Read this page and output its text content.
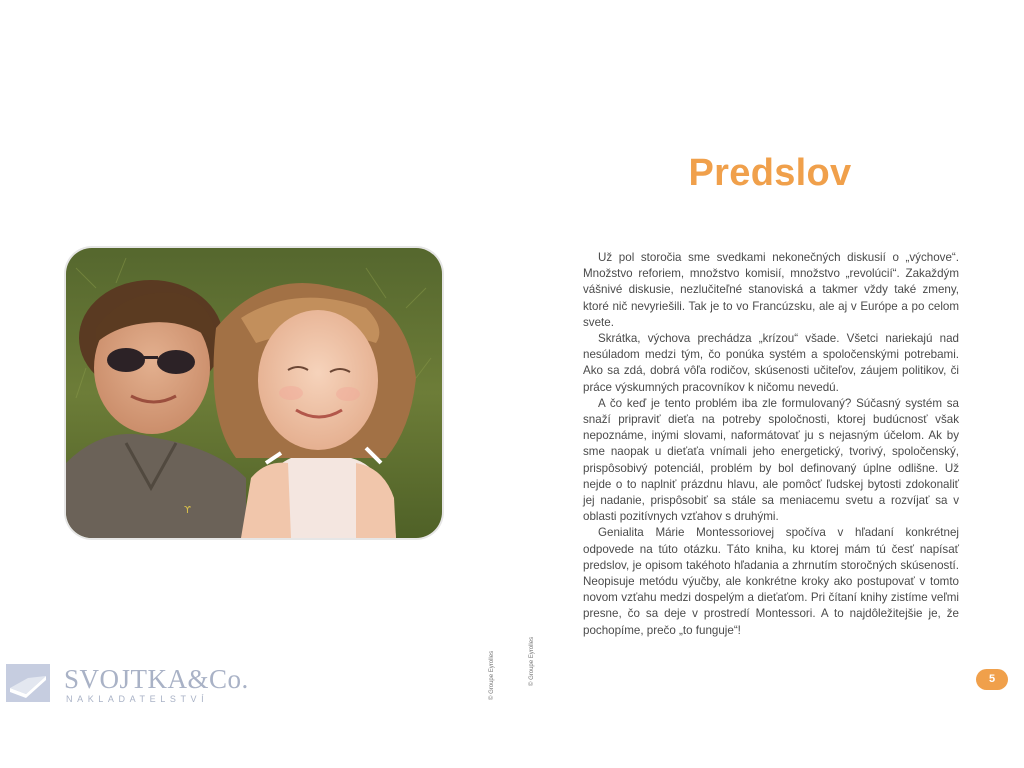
ϒ
© Groupe Eyrolles
SVOJTKA&Co.
NAKLADATELSTVÍ
© Groupe Eyrolles
Predslov

Už pol storočia sme svedkami nekonečných diskusií o „výchove“. Množstvo reforiem, množstvo komisií, množstvo „revolúcií“. Zakaždým vášnivé diskusie, nezlučiteľné stanoviská a takmer vždy také zmeny, ktoré nič nevyriešili. Tak je to vo Francúzsku, ale aj v Európe a po celom svete.

Skrátka, výchova prechádza „krízou“ všade. Všetci nariekajú nad nesúladom medzi tým, čo ponúka systém a spoločenskými potrebami. Ako sa zdá, dobrá vôľa rodičov, skúsenosti učiteľov, záujem politikov, či práce výskumných pracovníkov k ničomu nevedú.

A čo keď je tento problém iba zle formulovaný? Súčasný systém sa snaží pripraviť dieťa na potreby spoločnosti, ktorej budúcnosť však nepoznáme, inými slovami, naformátovať ju s nejasným účelom. Ak by sme naopak u dieťaťa vnímali jeho energetický, tvorivý, spoločenský, prispôsobivý potenciál, problém by bol definovaný úplne odlišne. Už nejde o to naplniť prázdnu hlavu, ale pomôcť ľudskej bytosti zdokonaliť jej nadanie, prispôsobiť sa stále sa meniacemu svetu a rozvíjať sa v oblasti pozitívnych vzťahov s druhými.

Genialita Márie Montessoriovej spočíva v hľadaní konkrétnej odpovede na túto otázku. Táto kniha, ku ktorej mám tú česť napísať predslov, je opisom takéhoto hľadania a zhrnutím storočných skúseností. Neopisuje metódu výučby, ale konkrétne kroky ako postupovať v tomto novom vzťahu medzi dospelým a dieťaťom. Pri čítaní knihy zistíme veľmi presne, čo sa deje v prostredí Montessori. A to najdôležitejšie je, že pochopíme, prečo „to funguje“!

5
